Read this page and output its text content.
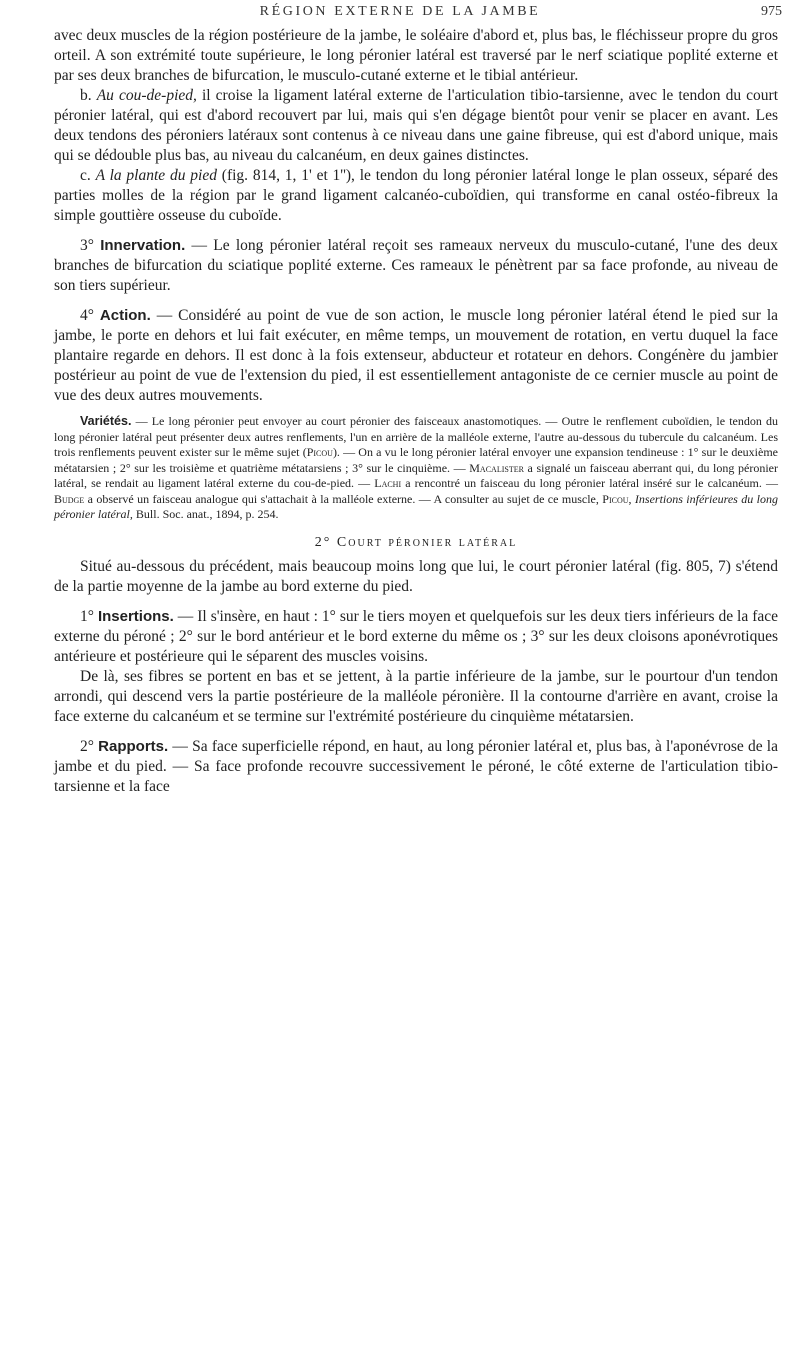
RÉGION EXTERNE DE LA JAMBE	975

avec deux muscles de la région postérieure de la jambe, le soléaire d'abord et, plus bas, le fléchisseur propre du gros orteil. A son extrémité toute supérieure, le long péronier latéral est traversé par le nerf sciatique poplité externe et par ses deux branches de bifurcation, le musculo-cutané externe et le tibial antérieur.

b. Au cou-de-pied, il croise la ligament latéral externe de l'articulation tibio-tarsienne, avec le tendon du court péronier latéral, qui est d'abord recouvert par lui, mais qui s'en dégage bientôt pour venir se placer en avant. Les deux tendons des péroniers latéraux sont contenus à ce niveau dans une gaine fibreuse, qui est d'abord unique, mais qui se dédouble plus bas, au niveau du calcanéum, en deux gaines distinctes.

c. A la plante du pied (fig. 814, 1, 1' et 1''), le tendon du long péronier latéral longe le plan osseux, séparé des parties molles de la région par le grand ligament calcanéo-cuboïdien, qui transforme en canal ostéo-fibreux la simple gouttière osseuse du cuboïde.

3° Innervation. — Le long péronier latéral reçoit ses rameaux nerveux du musculo-cutané, l'une des deux branches de bifurcation du sciatique poplité externe. Ces rameaux le pénètrent par sa face profonde, au niveau de son tiers supérieur.

4° Action. — Considéré au point de vue de son action, le muscle long péronier latéral étend le pied sur la jambe, le porte en dehors et lui fait exécuter, en même temps, un mouvement de rotation, en vertu duquel la face plantaire regarde en dehors. Il est donc à la fois extenseur, abducteur et rotateur en dehors. Congénère du jambier postérieur au point de vue de l'extension du pied, il est essentiellement antagoniste de ce cernier muscle au point de vue des deux autres mouvements.

Variétés. — Le long péronier peut envoyer au court péronier des faisceaux anastomotiques. — Outre le renflement cuboïdien, le tendon du long péronier latéral peut présenter deux autres renflements, l'un en arrière de la malléole externe, l'autre au-dessous du tubercule du calcanéum. Les trois renflements peuvent exister sur le même sujet (Picou). — On a vu le long péronier latéral envoyer une expansion tendineuse : 1° sur le deuxième métatarsien ; 2° sur les troisième et quatrième métatarsiens ; 3° sur le cinquième. — Macalister a signalé un faisceau aberrant qui, du long péronier latéral, se rendait au ligament latéral externe du cou-de-pied. — Lachi a rencontré un faisceau du long péronier latéral inséré sur le calcanéum. — Budge a observé un faisceau analogue qui s'attachait à la malléole externe. — A consulter au sujet de ce muscle, Picou, Insertions inférieures du long péronier latéral, Bull. Soc. anat., 1894, p. 254.

2° Court péronier latéral

Situé au-dessous du précédent, mais beaucoup moins long que lui, le court péronier latéral (fig. 805, 7) s'étend de la partie moyenne de la jambe au bord externe du pied.

1° Insertions. — Il s'insère, en haut : 1° sur le tiers moyen et quelquefois sur les deux tiers inférieurs de la face externe du péroné ; 2° sur le bord antérieur et le bord externe du même os ; 3° sur les deux cloisons aponévrotiques antérieure et postérieure qui le séparent des muscles voisins.

De là, ses fibres se portent en bas et se jettent, à la partie inférieure de la jambe, sur le pourtour d'un tendon arrondi, qui descend vers la partie postérieure de la malléole péronière. Il la contourne d'arrière en avant, croise la face externe du calcanéum et se termine sur l'extrémité postérieure du cinquième métatarsien.

2° Rapports. — Sa face superficielle répond, en haut, au long péronier latéral et, plus bas, à l'aponévrose de la jambe et du pied. — Sa face profonde recouvre successivement le péroné, le côté externe de l'articulation tibio-tarsienne et la face
